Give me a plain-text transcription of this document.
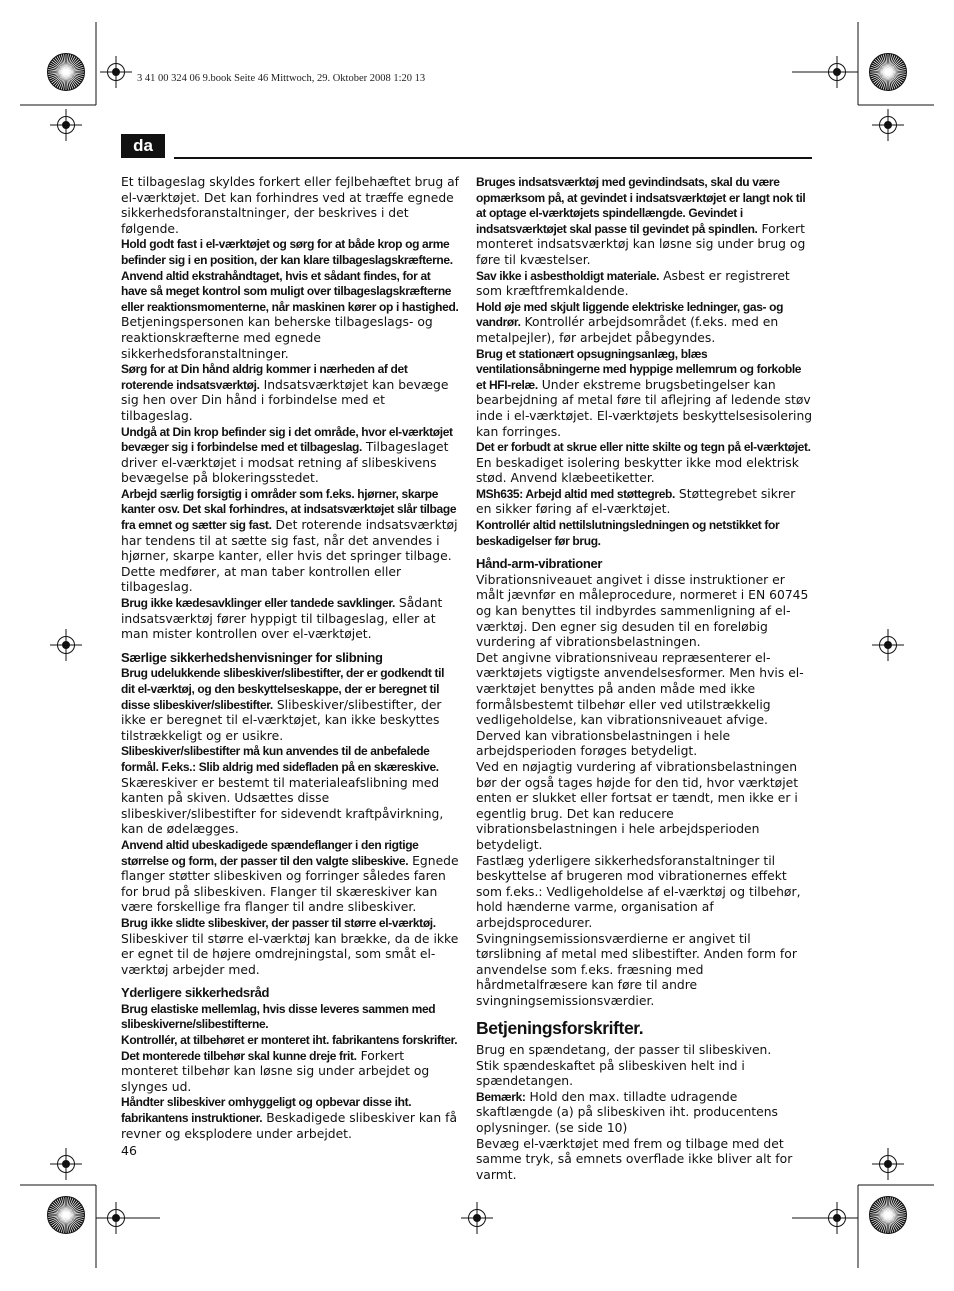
3 41 00 324 06 9.book Seite 46 Mittwoch, 29. Oktober 2008 1:20 13
da

Et tilbageslag skyldes forkert eller fejlbehæftet brug af el-værktøjet. Det kan forhindres ved at træffe egnede sikkerhedsforanstaltninger, der beskrives i det følgende.

Hold godt fast i el-værktøjet og sørg for at både krop og arme befinder sig i en position, der kan klare tilbageslagskræfterne. Anvend altid ekstrahåndtaget, hvis et sådant findes, for at have så meget kontrol som muligt over tilbageslagskræfterne eller reaktionsmomenterne, når maskinen kører op i hastighed. Betjeningspersonen kan beherske tilbageslags- og reaktionskræfterne med egnede sikkerhedsforanstaltninger.

Sørg for at Din hånd aldrig kommer i nærheden af det roterende indsatsværktøj. Indsatsværktøjet kan bevæge sig hen over Din hånd i forbindelse med et tilbageslag.

Undgå at Din krop befinder sig i det område, hvor el-værktøjet bevæger sig i forbindelse med et tilbageslag. Tilbageslaget driver el-værktøjet i modsat retning af slibeskivens bevægelse på blokeringsstedet.

Arbejd særlig forsigtig i områder som f.eks. hjørner, skarpe kanter osv. Det skal forhindres, at indsatsværktøjet slår tilbage fra emnet og sætter sig fast. Det roterende indsatsværktøj har tendens til at sætte sig fast, når det anvendes i hjørner, skarpe kanter, eller hvis det springer tilbage. Dette medfører, at man taber kontrollen eller tilbageslag.

Brug ikke kædesavklinger eller tandede savklinger. Sådant indsatsværktøj fører hyppigt til tilbageslag, eller at man mister kontrollen over el-værktøjet.

Særlige sikkerhedshenvisninger for slibning

Brug udelukkende slibeskiver/slibestifter, der er godkendt til dit el-værktøj, og den beskyttelseskappe, der er beregnet til disse slibeskiver/slibestifter. Slibeskiver/slibestifter, der ikke er beregnet til el-værktøjet, kan ikke beskyttes tilstrækkeligt og er usikre.

Slibeskiver/slibestifter må kun anvendes til de anbefalede formål. F.eks.: Slib aldrig med sidefladen på en skæreskive. Skæreskiver er bestemt til materialeafslibning med kanten på skiven. Udsættes disse slibeskiver/slibestifter for sidevendt kraftpåvirkning, kan de ødelægges.

Anvend altid ubeskadigede spændeflanger i den rigtige størrelse og form, der passer til den valgte slibeskive. Egnede flanger støtter slibeskiven og forringer således faren for brud på slibeskiven. Flanger til skæreskiver kan være forskellige fra flanger til andre slibeskiver.

Brug ikke slidte slibeskiver, der passer til større el-værktøj. Slibeskiver til større el-værktøj kan brække, da de ikke er egnet til de højere omdrejningstal, som småt el-værktøj arbejder med.

Yderligere sikkerhedsråd

Brug elastiske mellemlag, hvis disse leveres sammen med slibeskiverne/slibestifterne.

Kontrollér, at tilbehøret er monteret iht. fabrikantens forskrifter. Det monterede tilbehør skal kunne dreje frit. Forkert monteret tilbehør kan løsne sig under arbejdet og slynges ud.

Håndter slibeskiver omhyggeligt og opbevar disse iht. fabrikantens instruktioner. Beskadigede slibeskiver kan få revner og eksplodere under arbejdet.

Bruges indsatsværktøj med gevindindsats, skal du være opmærksom på, at gevindet i indsatsværktøjet er langt nok til at optage el-værktøjets spindellængde. Gevindet i indsatsværktøjet skal passe til gevindet på spindlen. Forkert monteret indsatsværktøj kan løsne sig under brug og føre til kvæstelser.

Sav ikke i asbestholdigt materiale. Asbest er registreret som kræftfremkaldende.

Hold øje med skjult liggende elektriske ledninger, gas- og vandrør. Kontrollér arbejdsområdet (f.eks. med en metalpejler), før arbejdet påbegyndes.

Brug et stationært opsugningsanlæg, blæs ventilationsåbningerne med hyppige mellemrum og forkoble et HFI-relæ. Under ekstreme brugsbetingelser kan bearbejdning af metal føre til aflejring af ledende støv inde i el-værktøjet. El-værktøjets beskyttelsesisolering kan forringes.

Det er forbudt at skrue eller nitte skilte og tegn på el-værktøjet. En beskadiget isolering beskytter ikke mod elektrisk stød. Anvend klæbeetiketter.

MSh635: Arbejd altid med støttegreb. Støttegrebet sikrer en sikker føring af el-værktøjet.

Kontrollér altid nettilslutningsledningen og netstikket for beskadigelser før brug.

Hånd-arm-vibrationer

Vibrationsniveauet angivet i disse instruktioner er målt jævnfør en måleprocedure, normeret i EN 60745 og kan benyttes til indbyrdes sammenligning af el-værktøj. Den egner sig desuden til en foreløbig vurdering af vibrationsbelastningen.

Det angivne vibrationsniveau repræsenterer el-værktøjets vigtigste anvendelsesformer. Men hvis el-værktøjet benyttes på anden måde med ikke formålsbestemt tilbehør eller ved utilstrækkelig vedligeholdelse, kan vibrationsniveauet afvige. Derved kan vibrationsbelastningen i hele arbejdsperioden forøges betydeligt.

Ved en nøjagtig vurdering af vibrationsbelastningen bør der også tages højde for den tid, hvor værktøjet enten er slukket eller fortsat er tændt, men ikke er i egentlig brug. Det kan reducere vibrationsbelastningen i hele arbejdsperioden betydeligt.

Fastlæg yderligere sikkerhedsforanstaltninger til beskyttelse af brugeren mod vibrationernes effekt som f.eks.: Vedligeholdelse af el-værktøj og tilbehør, hold hænderne varme, organisation af arbejdsprocedurer.

Svingningsemissionsværdierne er angivet til tørslibning af metal med slibestifter. Anden form for anvendelse som f.eks. fræsning med hårdmetalfræsere kan føre til andre svingningsemissionsværdier.

Betjeningsforskrifter.

Brug en spændetang, der passer til slibeskiven.

Stik spændeskaftet på slibeskiven helt ind i spændetangen.

Bemærk: Hold den max. tilladte udragende skaftlængde (a) på slibeskiven iht. producentens oplysninger. (se side 10)

Bevæg el-værktøjet med frem og tilbage med det samme tryk, så emnets overflade ikke bliver alt for varmt.

46
